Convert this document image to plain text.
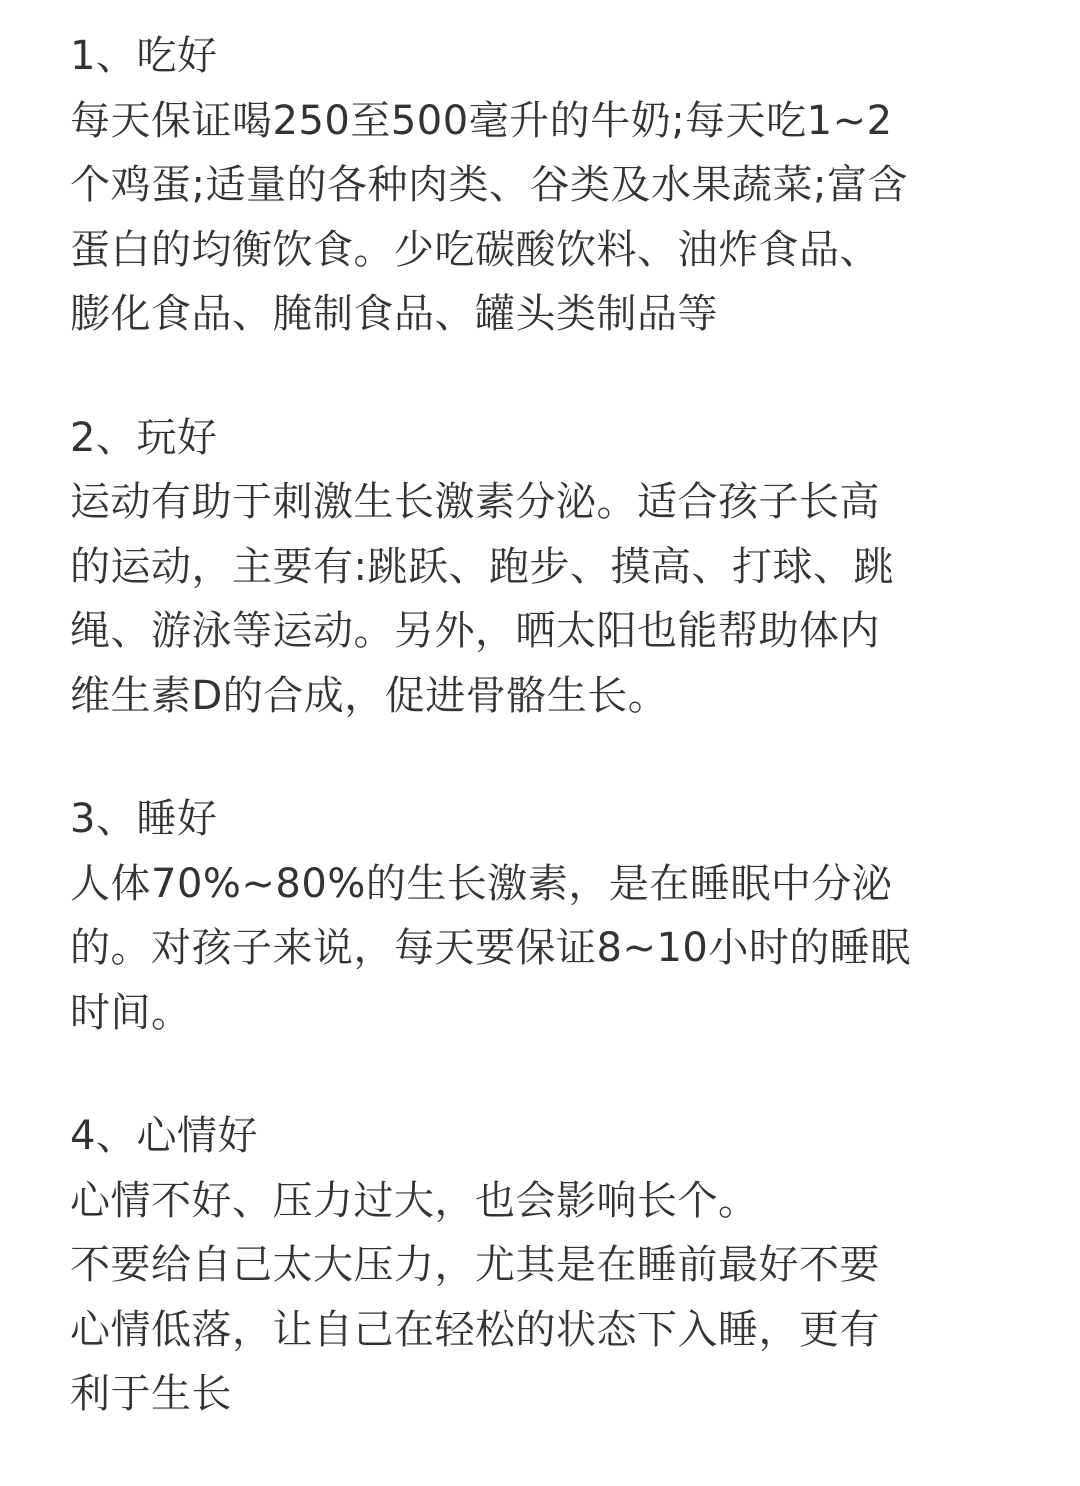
1、吃好
每天保证喝250至500毫升的牛奶;每天吃1~2
个鸡蛋;适量的各种肉类、谷类及水果蔬菜;富含
蛋白的均衡饮食。少吃碳酸饮料、油炸食品、
膨化食品、腌制食品、罐头类制品等
2、玩好
运动有助于刺激生长激素分泌。适合孩子长高
的运动，主要有:跳跃、跑步、摸高、打球、跳
绳、游泳等运动。另外，晒太阳也能帮助体内
维生素D的合成，促进骨骼生长。
3、睡好
人体70%~80%的生长激素，是在睡眠中分泌
的。对孩子来说，每天要保证8~10小时的睡眠
时间。
4、心情好
心情不好、压力过大，也会影响长个。
不要给自己太大压力，尤其是在睡前最好不要
心情低落，让自己在轻松的状态下入睡，更有
利于生长
